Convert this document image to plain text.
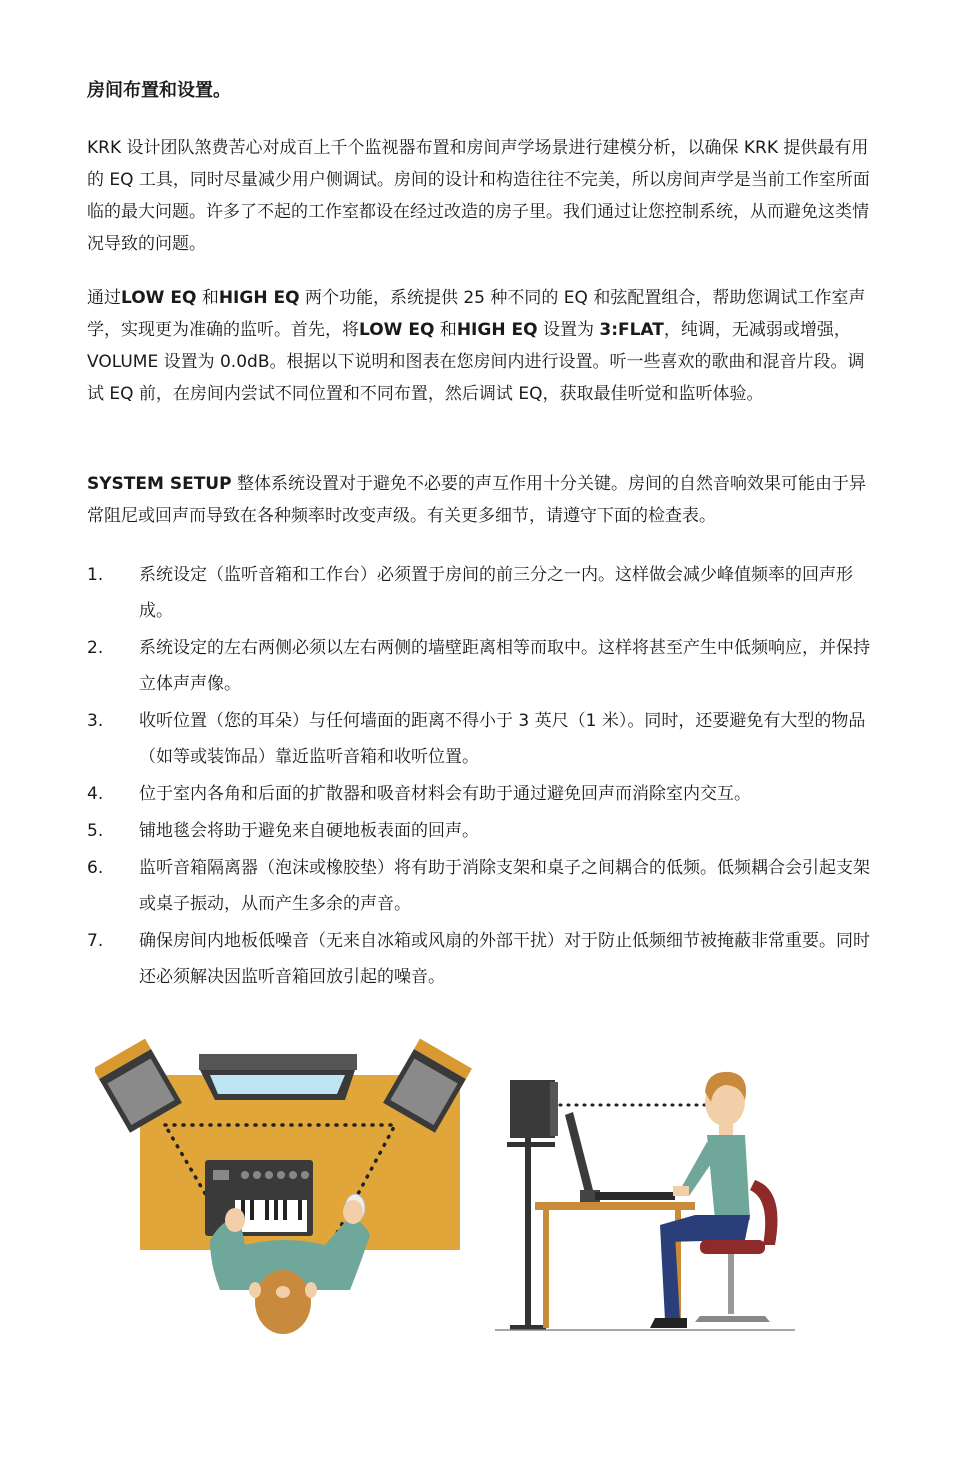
房间布置和设置。
KRK 设计团队煞费苦心对成百上千个监视器布置和房间声学场景进行建模分析，以确保 KRK 提供最有用的 EQ 工具，同时尽量减少用户侧调试。房间的设计和构造往往不完美，所以房间声学是当前工作室所面临的最大问题。许多了不起的工作室都设在经过改造的房子里。我们通过让您控制系统，从而避免这类情况导致的问题。
通过LOW EQ 和HIGH EQ 两个功能，系统提供 25 种不同的 EQ 和弦配置组合，帮助您调试工作室声学，实现更为准确的监听。首先，将LOW EQ 和HIGH EQ 设置为 3:FLAT，纯调，无减弱或增强，VOLUME 设置为 0.0dB。根据以下说明和图表在您房间内进行设置。听一些喜欢的歌曲和混音片段。调试 EQ 前，在房间内尝试不同位置和不同布置，然后调试 EQ，获取最佳听觉和监听体验。
SYSTEM SETUP 整体系统设置对于避免不必要的声互作用十分关键。房间的自然音响效果可能由于异常阻尼或回声而导致在各种频率时改变声级。有关更多细节，请遵守下面的检查表。
1.	系统设定（监听音箱和工作台）必须置于房间的前三分之一内。这样做会减少峰值频率的回声形成。
2.	系统设定的左右两侧必须以左右两侧的墙壁距离相等而取中。这样将甚至产生中低频响应，并保持立体声声像。
3.	收听位置（您的耳朵）与任何墙面的距离不得小于 3 英尺（1 米）。同时，还要避免有大型的物品（如等或装饰品）靠近监听音箱和收听位置。
4.	位于室内各角和后面的扩散器和吸音材料会有助于通过避免回声而消除室内交互。
5.	铺地毯会将助于避免来自硬地板表面的回声。
6.	监听音箱隔离器（泡沫或橡胶垫）将有助于消除支架和桌子之间耦合的低频。低频耦合会引起支架或桌子振动，从而产生多余的声音。
7.	确保房间内地板低噪音（无来自冰箱或风扇的外部干扰）对于防止低频细节被掩蔽非常重要。同时还必须解决因监听音箱回放引起的噪音。
